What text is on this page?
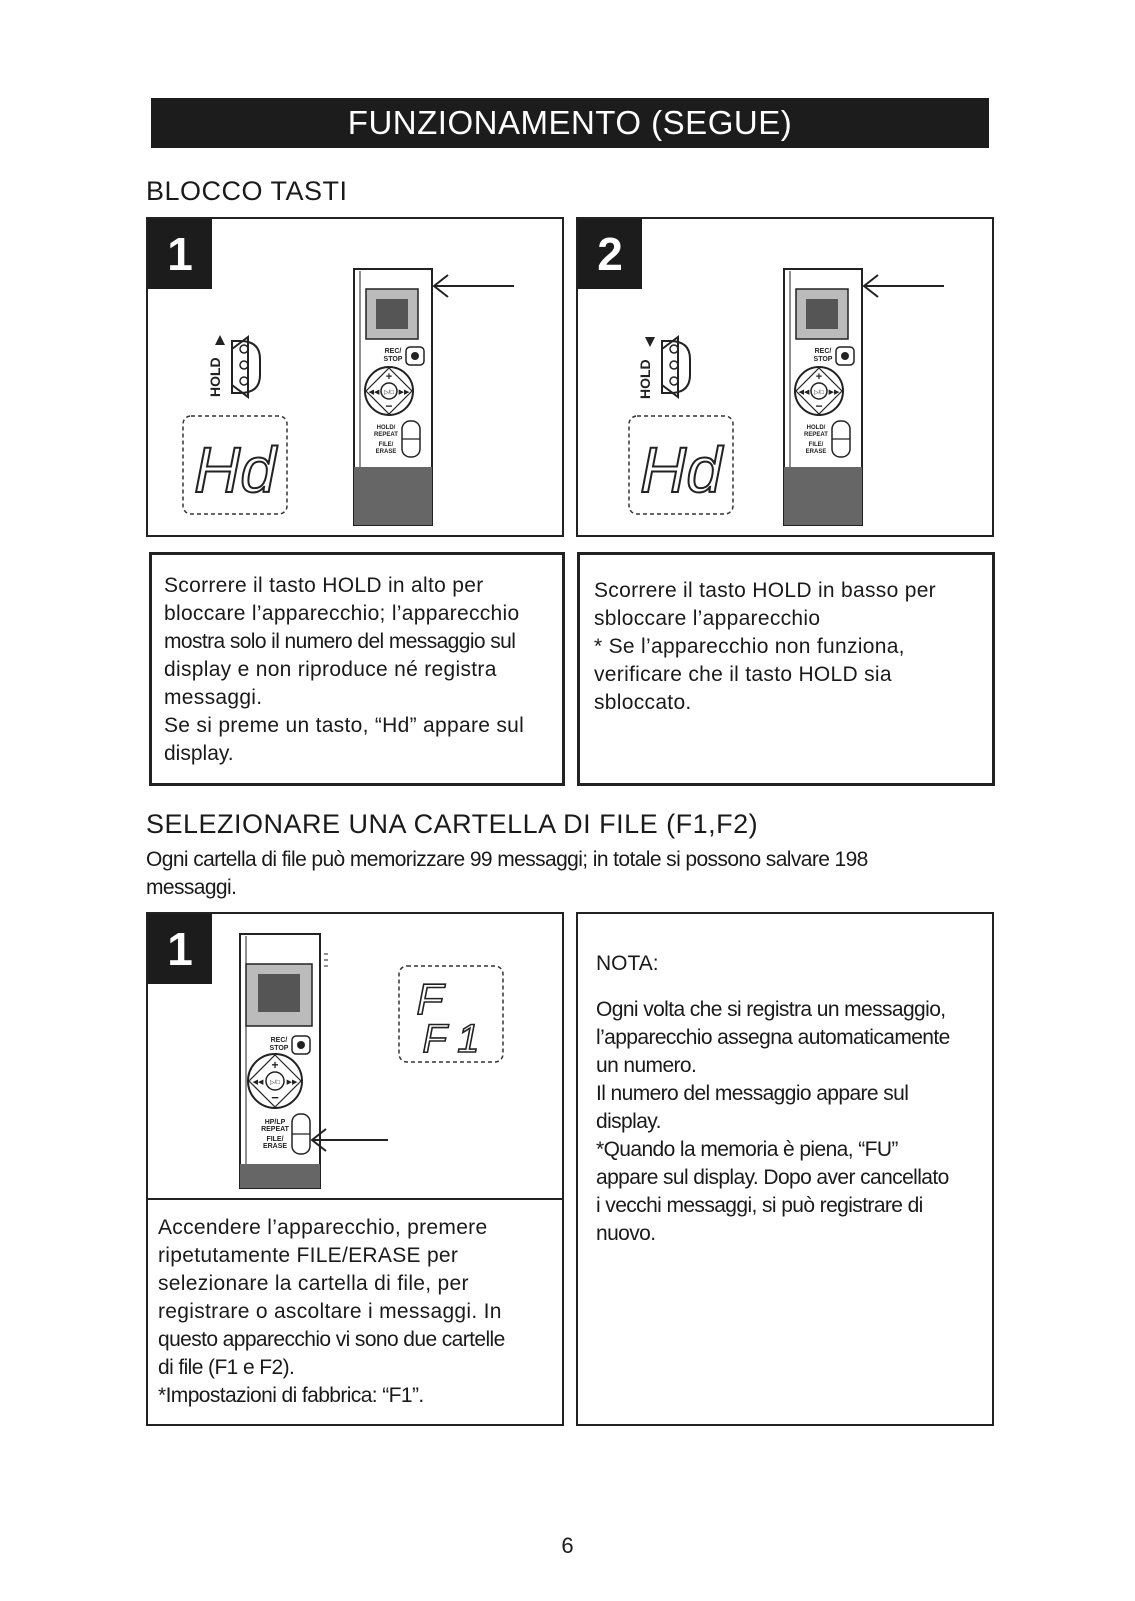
FUNZIONAMENTO (SEGUE)
BLOCCO TASTI
1
HOLD
Hd
REC/
STOP
+
−
◀◀	▶▶
▷/□
HOLD/
REPEAT
FILE/
ERASE
2
HOLD
Hd
REC/
STOP
+
−
◀◀	▶▶
▷/□
HOLD/
REPEAT
FILE/
ERASE

Scorrere il tasto HOLD in alto per

bloccare l’apparecchio; l’apparecchio

mostra solo il numero del messaggio sul

display e non riproduce né registra

messaggi.

Se si preme un tasto, “Hd” appare sul

display.

Scorrere il tasto HOLD in basso per

sbloccare l’apparecchio

* Se l’apparecchio non funziona,

verificare che il tasto HOLD sia

sbloccato.

SELEZIONARE UNA CARTELLA DI FILE (F1,F2)

Ogni cartella di file può memorizzare 99 messaggi; in totale si possono salvare 198

messaggi.

1
REC/
STOP
+
−
◀◀	▶▶
▷/□
HP/LP
REPEAT
FILE/
ERASE
F
F 1

Accendere l’apparecchio, premere

ripetutamente FILE/ERASE per

selezionare la cartella di file, per

registrare o ascoltare i messaggi. In

questo apparecchio vi sono due cartelle

di file (F1 e F2).

*Impostazioni di fabbrica: “F1”.

NOTA:

Ogni volta che si registra un messaggio,

l’apparecchio assegna automaticamente

un numero.

Il numero del messaggio appare sul

display.

*Quando la memoria è piena, “FU”

appare sul display. Dopo aver cancellato

i vecchi messaggi, si può registrare di

nuovo.

6
